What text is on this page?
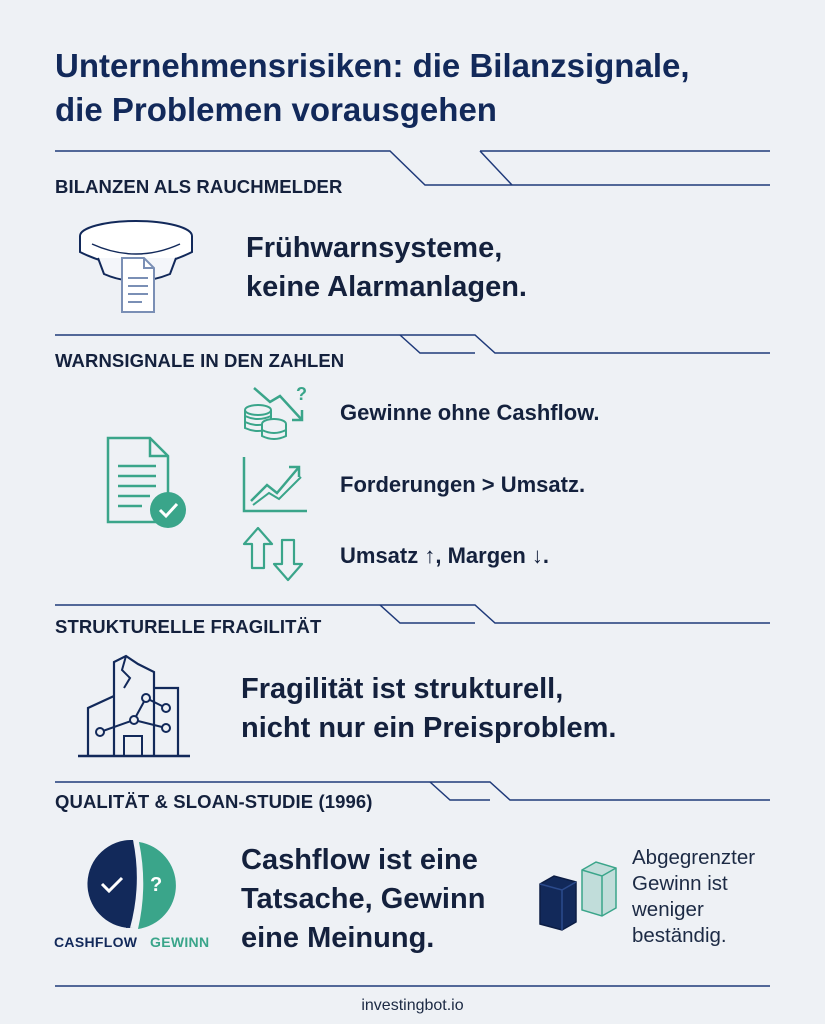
Unternehmensrisiken: die Bilanzsignale,
die Problemen vorausgehen
BILANZEN ALS RAUCHMELDER
Frühwarnsysteme,
keine Alarmanlagen.
WARNSIGNALE IN DEN ZAHLEN
?
Gewinne ohne Cashflow.
Forderungen > Umsatz.
Umsatz ↑, Margen ↓.
STRUKTURELLE FRAGILITÄT
Fragilität ist strukturell,
nicht nur ein Preisproblem.
QUALITÄT & SLOAN-STUDIE (1996)
?
CASHFLOW GEWINN
Cashflow ist eine
Tatsache, Gewinn
eine Meinung.
Abgegrenzter
Gewinn ist
weniger
beständig.
investingbot.io
